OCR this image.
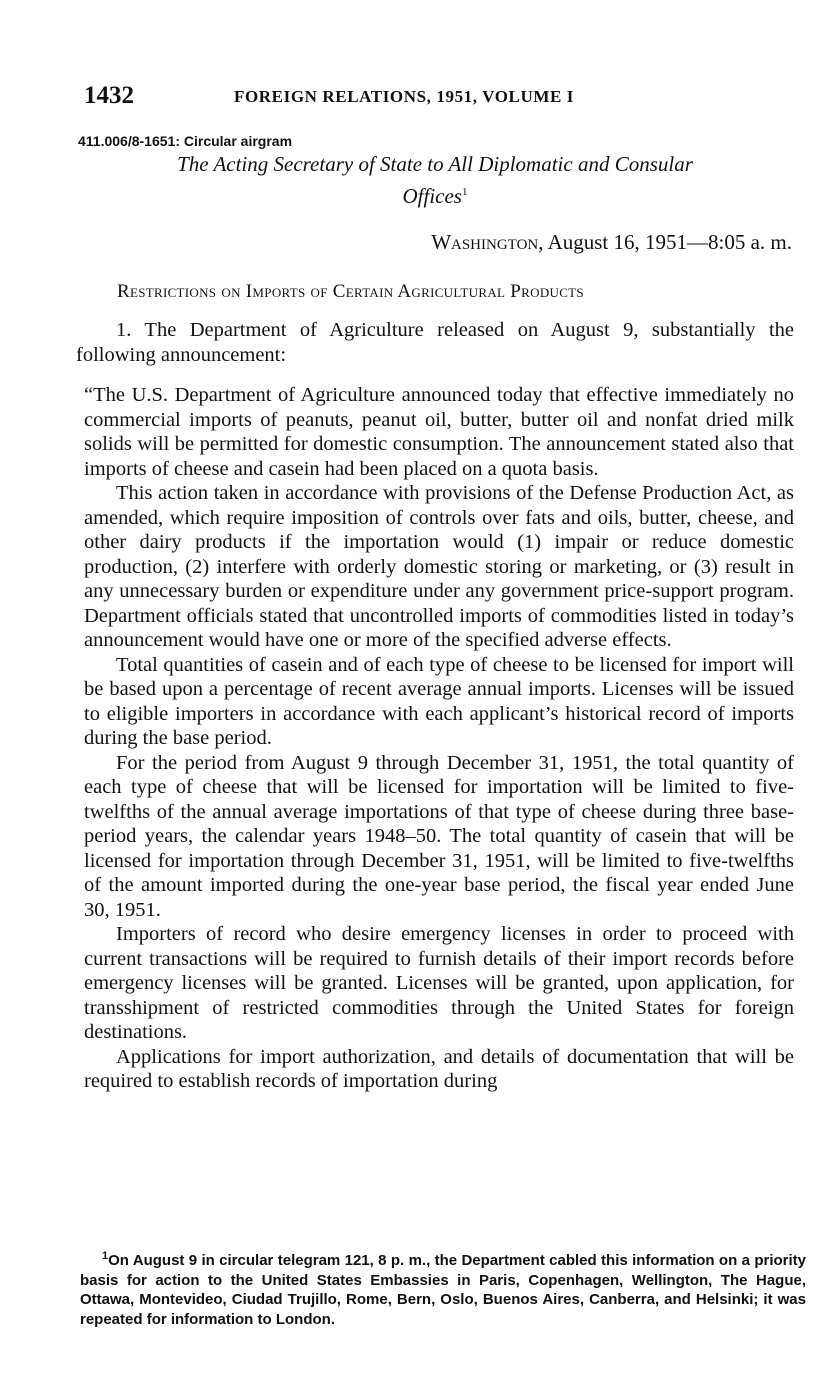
1432	FOREIGN RELATIONS, 1951, VOLUME I
411.006/8-1651: Circular airgram
The Acting Secretary of State to All Diplomatic and Consular Offices$^1$
Washington, August 16, 1951—8:05 a. m.
Restrictions on Imports of Certain Agricultural Products

1. The Department of Agriculture released on August 9, substantially the following announcement:

“The U.S. Department of Agriculture announced today that effective immediately no commercial imports of peanuts, peanut oil, butter, butter oil and nonfat dried milk solids will be permitted for domestic consumption. The announcement stated also that imports of cheese and casein had been placed on a quota basis.

This action taken in accordance with provisions of the Defense Production Act, as amended, which require imposition of controls over fats and oils, butter, cheese, and other dairy products if the importation would (1) impair or reduce domestic production, (2) interfere with orderly domestic storing or marketing, or (3) result in any unnecessary burden or expenditure under any government price-support program. Department officials stated that uncontrolled imports of commodities listed in today’s announcement would have one or more of the specified adverse effects.

Total quantities of casein and of each type of cheese to be licensed for import will be based upon a percentage of recent average annual imports. Licenses will be issued to eligible importers in accordance with each applicant’s historical record of imports during the base period.

For the period from August 9 through December 31, 1951, the total quantity of each type of cheese that will be licensed for importation will be limited to five-twelfths of the annual average importations of that type of cheese during three base-period years, the calendar years 1948–50. The total quantity of casein that will be licensed for importation through December 31, 1951, will be limited to five-twelfths of the amount imported during the one-year base period, the fiscal year ended June 30, 1951.

Importers of record who desire emergency licenses in order to proceed with current transactions will be required to furnish details of their import records before emergency licenses will be granted. Licenses will be granted, upon application, for transshipment of restricted commodities through the United States for foreign destinations.

Applications for import authorization, and details of documentation that will be required to establish records of importation during

$^1$On August 9 in circular telegram 121, 8 p. m., the Department cabled this information on a priority basis for action to the United States Embassies in Paris, Copenhagen, Wellington, The Hague, Ottawa, Montevideo, Ciudad Trujillo, Rome, Bern, Oslo, Buenos Aires, Canberra, and Helsinki; it was repeated for information to London.
